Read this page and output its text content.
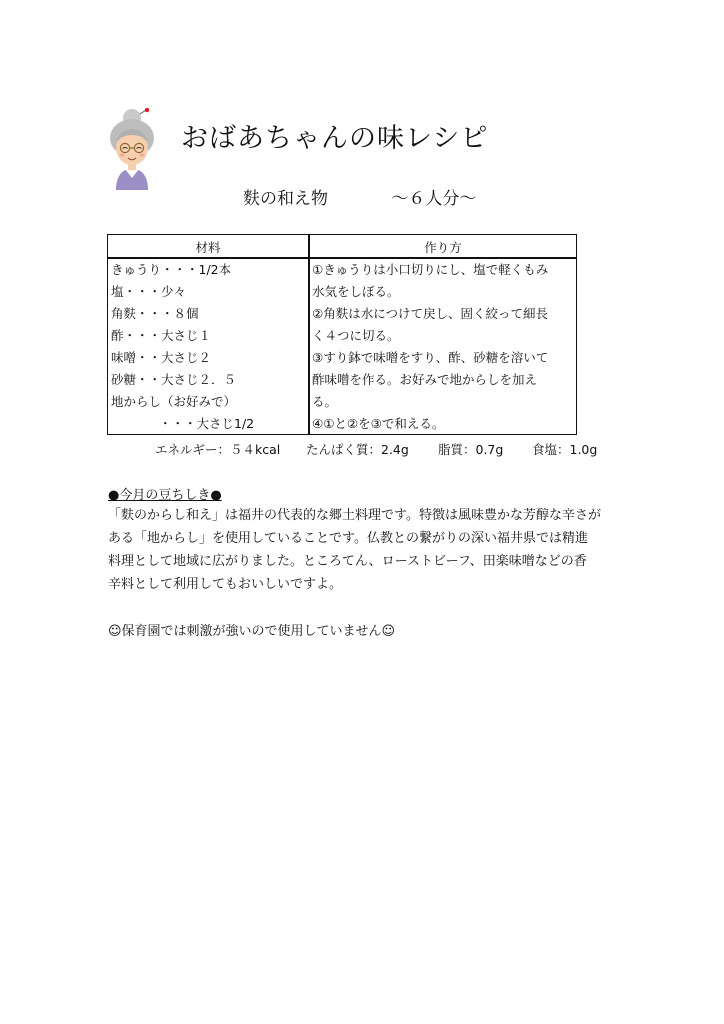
おばあちゃんの味レシピ
麩の和え物	～６人分～
材料	作り方
きゅうり・・・1/2本
塩・・・少々
角麩・・・８個
酢・・・大さじ１
味噌・・大さじ２
砂糖・・大さじ２．５
地からし（お好みで）
・・・大さじ1/2
①きゅうりは小口切りにし、塩で軽くもみ
水気をしぼる。
②角麩は水につけて戻し、固く絞って細長
く４つに切る。
③すり鉢で味噌をすり、酢、砂糖を溶いて
酢味噌を作る。お好みで地からしを加え
る。
④①と②を③で和える。
エネルギー：５４kcal たんぱく質：2.4g 脂質：0.7g 食塩：1.0g
●今月の豆ちしき●
「麩のからし和え」は福井の代表的な郷土料理です。特徴は風味豊かな芳醇な辛さが
ある「地からし」を使用していることです。仏教との繋がりの深い福井県では精進
料理として地域に広がりました。ところてん、ローストビーフ、田楽味噌などの香
辛料として利用してもおいしいですよ。
☺保育園では刺激が強いので使用していません☺
